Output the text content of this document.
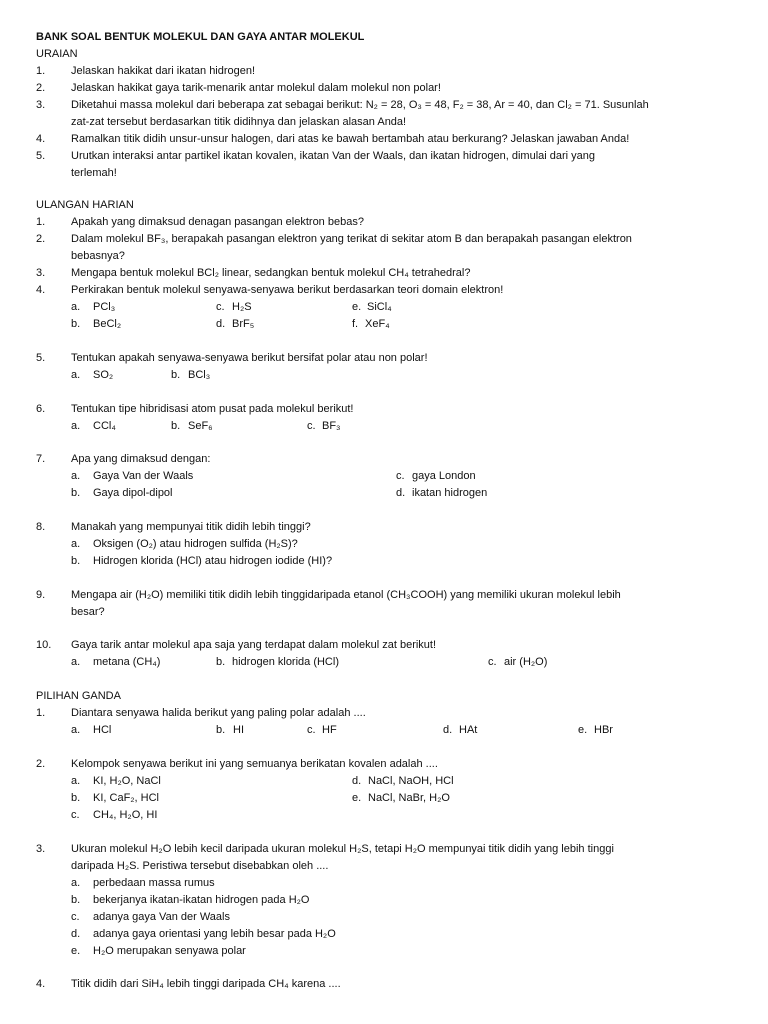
BANK SOAL BENTUK MOLEKUL DAN GAYA ANTAR MOLEKUL
URAIAN
1. Jelaskan hakikat dari ikatan hidrogen!
2. Jelaskan hakikat gaya tarik-menarik antar molekul dalam molekul non polar!
3. Diketahui massa molekul dari beberapa zat sebagai berikut: N₂ = 28, O₃ = 48, F₂ = 38, Ar = 40, dan Cl₂ = 71. Susunlah
zat-zat tersebut berdasarkan titik didihnya dan jelaskan alasan Anda!
4. Ramalkan titik didih unsur-unsur halogen, dari atas ke bawah bertambah atau berkurang? Jelaskan jawaban Anda!
5. Urutkan interaksi antar partikel ikatan kovalen, ikatan Van der Waals, dan ikatan hidrogen, dimulai dari yang
terlemah!
ULANGAN HARIAN
1. Apakah yang dimaksud denagan pasangan elektron bebas?
2. Dalam molekul BF₃, berapakah pasangan elektron yang terikat di sekitar atom B dan berapakah pasangan elektron
bebasnya?
3. Mengapa bentuk molekul BCl₂ linear, sedangkan bentuk molekul CH₄ tetrahedral?
4. Perkirakan bentuk molekul senyawa-senyawa berikut berdasarkan teori domain elektron!
a. PCl₃	c. H₂S	e. SiCl₄
b. BeCl₂	d. BrF₅	f. XeF₄
5. Tentukan apakah senyawa-senyawa berikut bersifat polar atau non polar!
a. SO₂	b. BCl₃
6. Tentukan tipe hibridisasi atom pusat pada molekul berikut!
a. CCl₄	b. SeF₆	c. BF₃
7. Apa yang dimaksud dengan:
a. Gaya Van der Waals	c. gaya London
b. Gaya dipol-dipol	d. ikatan hidrogen
8. Manakah yang mempunyai titik didih lebih tinggi?
a. Oksigen (O₂) atau hidrogen sulfida (H₂S)?
b. Hidrogen klorida (HCl) atau hidrogen iodide (HI)?
9. Mengapa air (H₂O) memiliki titik didih lebih tinggidaripada etanol (CH₃COOH) yang memiliki ukuran molekul lebih
besar?
10. Gaya tarik antar molekul apa saja yang terdapat dalam molekul zat berikut!
a. metana (CH₄)	b. hidrogen klorida (HCl)	c. air (H₂O)
PILIHAN GANDA
1. Diantara senyawa halida berikut yang paling polar adalah ....
a. HCl	b. HI	c. HF	d. HAt	e. HBr
2. Kelompok senyawa berikut ini yang semuanya berikatan kovalen adalah ....
a. KI, H₂O, NaCl	d. NaCl, NaOH, HCl
b. KI, CaF₂, HCl	e. NaCl, NaBr, H₂O
c. CH₄, H₂O, HI
3. Ukuran molekul H₂O lebih kecil daripada ukuran molekul H₂S, tetapi H₂O mempunyai titik didih yang lebih tinggi
daripada H₂S. Peristiwa tersebut disebabkan oleh ....
a. perbedaan massa rumus
b. bekerjanya ikatan-ikatan hidrogen pada H₂O
c. adanya gaya Van der Waals
d. adanya gaya orientasi yang lebih besar pada H₂O
e. H₂O merupakan senyawa polar
4. Titik didih dari SiH₄ lebih tinggi daripada CH₄ karena ....
